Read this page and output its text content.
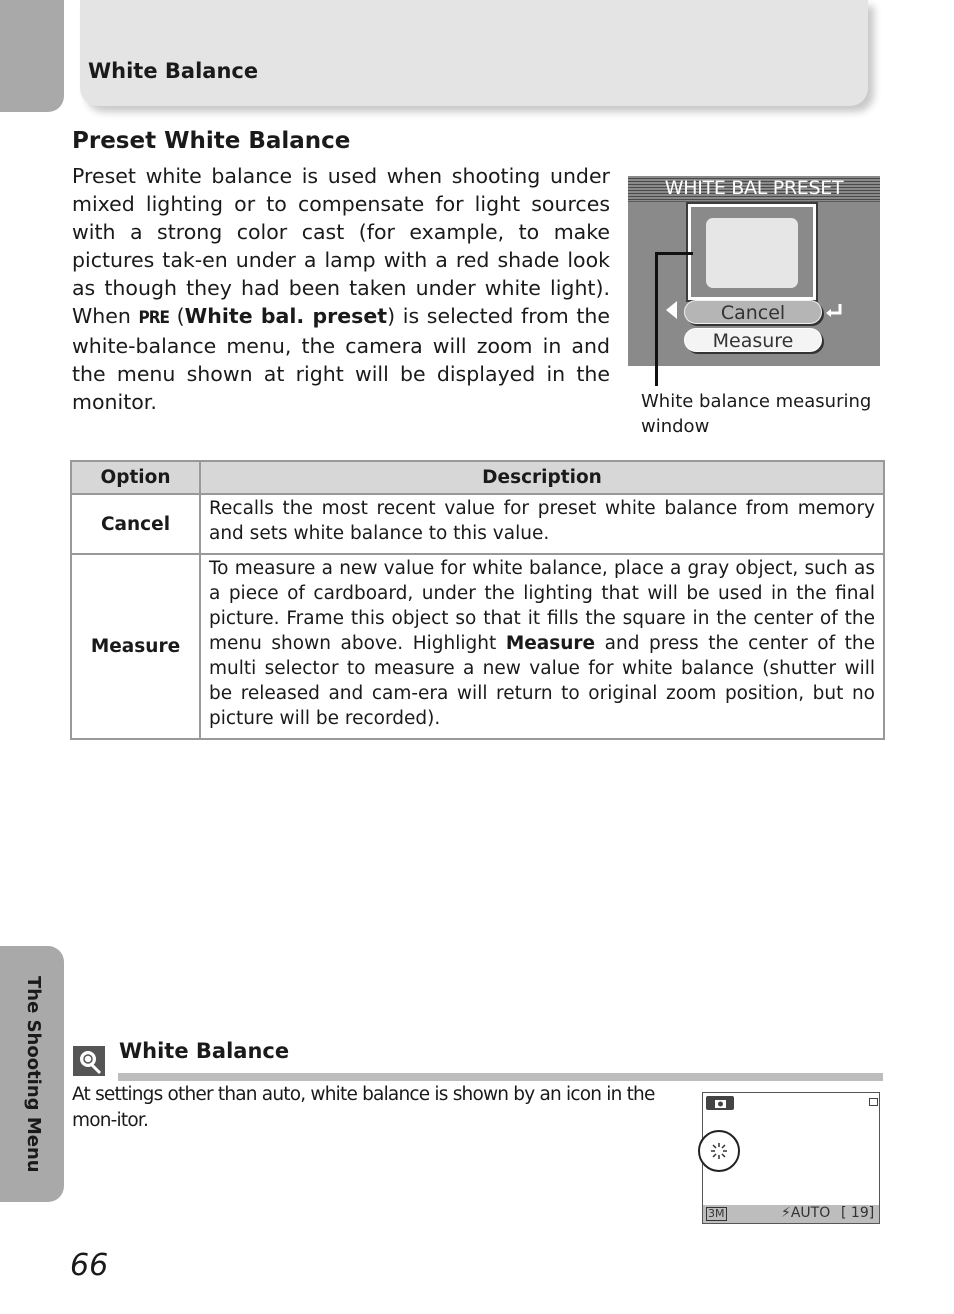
White Balance
Preset White Balance

Preset white balance is used when shooting under mixed lighting or to compensate for light sources with a strong color cast (for example, to make pictures tak-en under a lamp with a red shade look as though they had been taken under white light). When PRE (White bal. preset) is selected from the white-balance menu, the camera will zoom in and the menu shown at right will be displayed in the monitor.

WHITE BAL PRESET
Cancel
Measure
White balance measuring window
Option	Description
Cancel	Recalls the most recent value for preset white balance from memory and sets white balance to this value.
Measure	To measure a new value for white balance, place a gray object, such as a piece of cardboard, under the lighting that will be used in the final picture. Frame this object so that it fills the square in the center of the menu shown above. Highlight Measure and press the center of the multi selector to measure a new value for white balance (shutter will be released and cam-era will return to original zoom position, but no picture will be recorded).
The Shooting Menu	White Balance
At settings other than auto, white balance is shown by an icon in the mon-itor.
3M	⚡AUTO [ 19]
66
